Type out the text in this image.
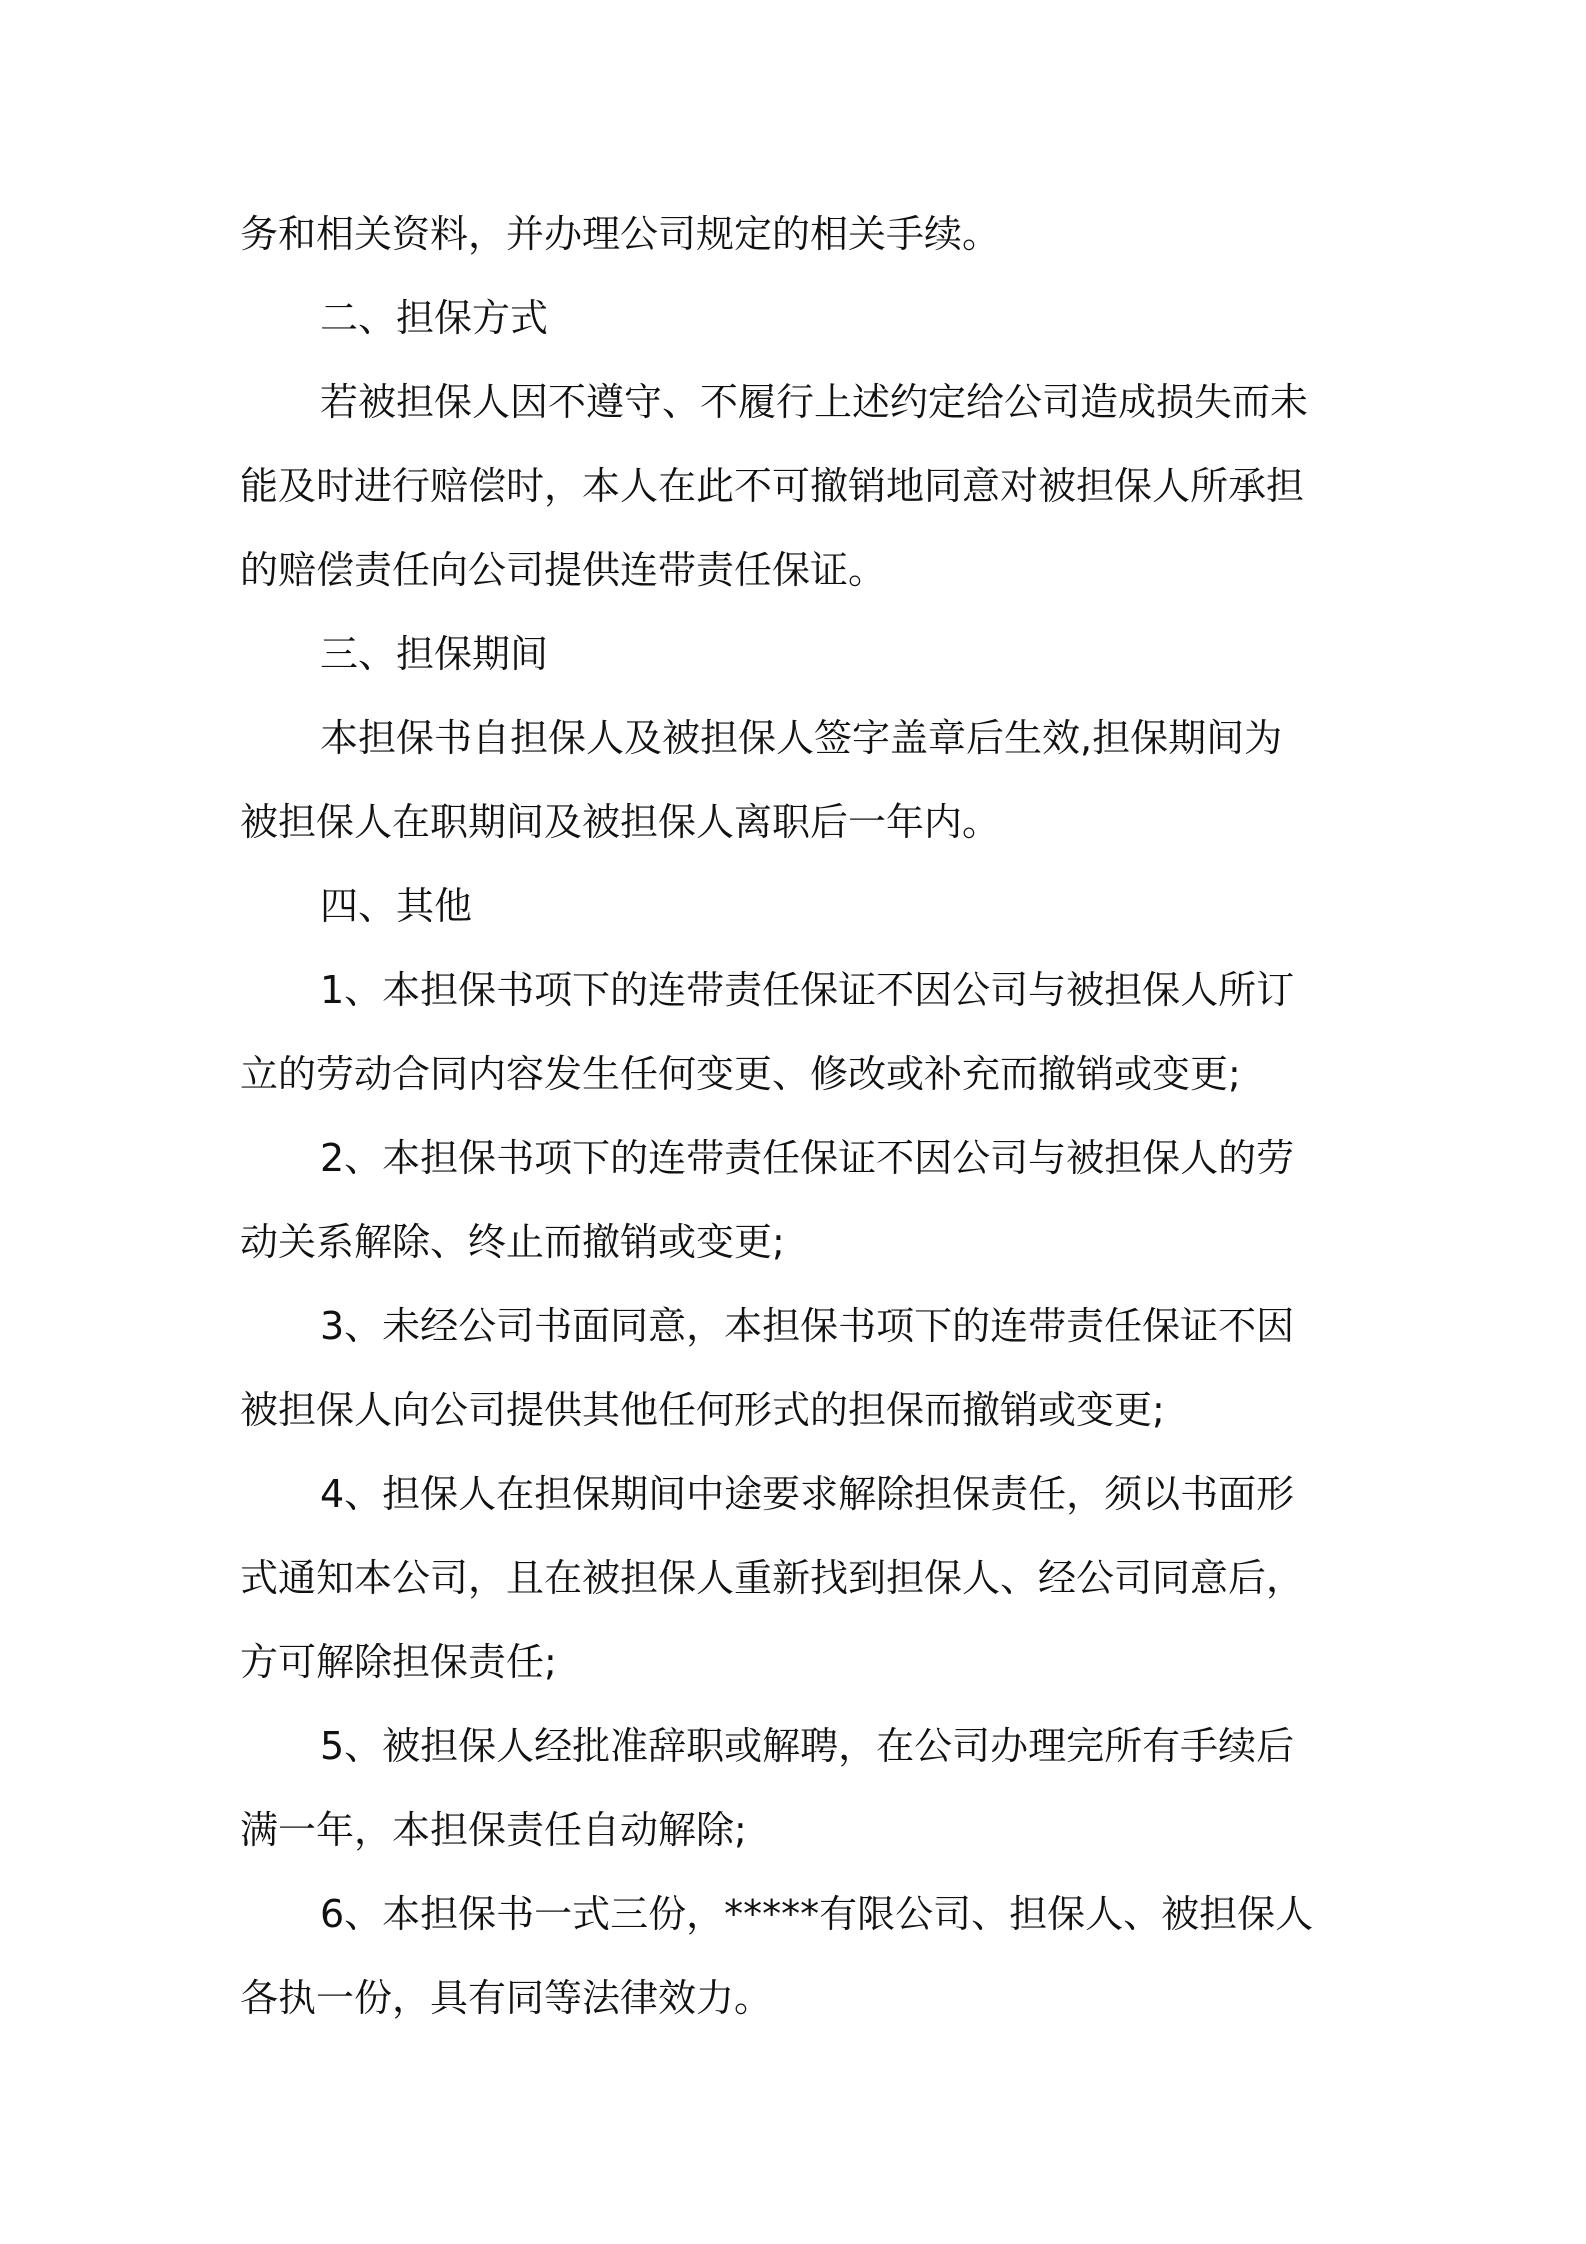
务和相关资料，并办理公司规定的相关手续。
二、担保方式
若被担保人因不遵守、不履行上述约定给公司造成损失而未
能及时进行赔偿时，本人在此不可撤销地同意对被担保人所承担
的赔偿责任向公司提供连带责任保证。
三、担保期间
本担保书自担保人及被担保人签字盖章后生效,担保期间为
被担保人在职期间及被担保人离职后一年内。
四、其他
1、本担保书项下的连带责任保证不因公司与被担保人所订
立的劳动合同内容发生任何变更、修改或补充而撤销或变更;
2、本担保书项下的连带责任保证不因公司与被担保人的劳
动关系解除、终止而撤销或变更;
3、未经公司书面同意，本担保书项下的连带责任保证不因
被担保人向公司提供其他任何形式的担保而撤销或变更;
4、担保人在担保期间中途要求解除担保责任，须以书面形
式通知本公司，且在被担保人重新找到担保人、经公司同意后，
方可解除担保责任;
5、被担保人经批准辞职或解聘，在公司办理完所有手续后
满一年，本担保责任自动解除;
6、本担保书一式三份，*****有限公司、担保人、被担保人
各执一份，具有同等法律效力。
